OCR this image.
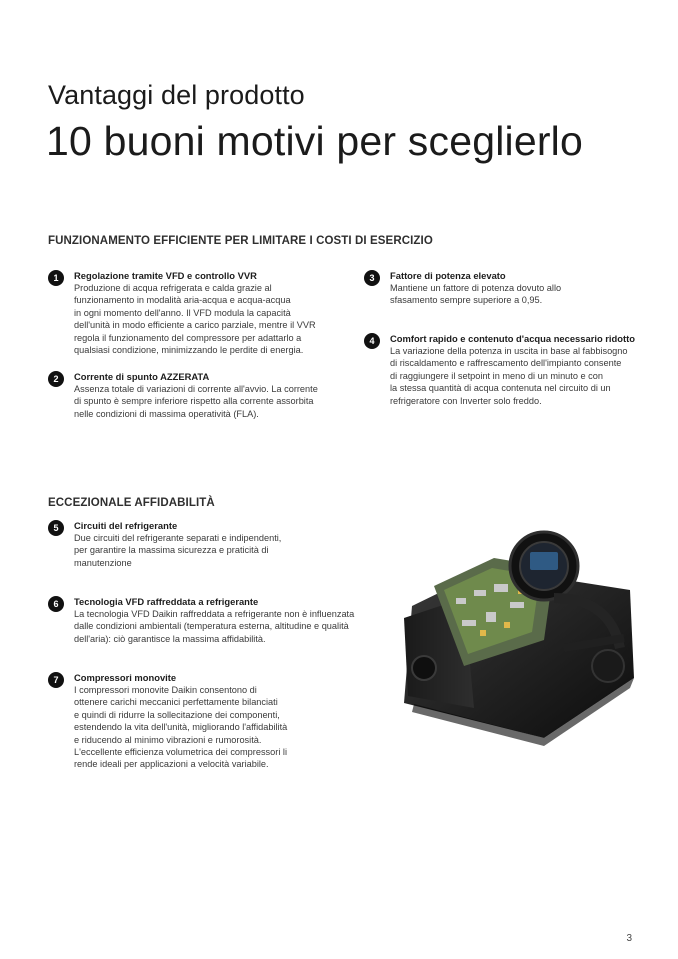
Vantaggi del prodotto
10 buoni motivi per sceglierlo
FUNZIONAMENTO EFFICIENTE PER LIMITARE I COSTI DI ESERCIZIO
1	Regolazione tramite VFD e controllo VVR

Produzione di acqua refrigerata e calda grazie al
funzionamento in modalità aria-acqua e acqua-acqua
in ogni momento dell'anno. Il VFD modula la capacità
dell'unità in modo efficiente a carico parziale, mentre il VVR
regola il funzionamento del compressore per adattarlo a
qualsiasi condizione, minimizzando le perdite di energia.

2	Corrente di spunto AZZERATA

Assenza totale di variazioni di corrente all'avvio. La corrente
di spunto è sempre inferiore rispetto alla corrente assorbita
nelle condizioni di massima operatività (FLA).

3	Fattore di potenza elevato

Mantiene un fattore di potenza dovuto allo
sfasamento sempre superiore a 0,95.

4	Comfort rapido e contenuto d'acqua necessario ridotto

La variazione della potenza in uscita in base al fabbisogno
di riscaldamento e raffrescamento dell'impianto consente
di raggiungere il setpoint in meno di un minuto e con
la stessa quantità di acqua contenuta nel circuito di un
refrigeratore con Inverter solo freddo.

ECCEZIONALE AFFIDABILITÀ
5	Circuiti del refrigerante

Due circuiti del refrigerante separati e indipendenti,
per garantire la massima sicurezza e praticità di
manutenzione

6	Tecnologia VFD raffreddata a refrigerante

La tecnologia VFD Daikin raffreddata a refrigerante non è influenzata
dalle condizioni ambientali (temperatura esterna, altitudine e qualità
dell'aria): ciò garantisce la massima affidabilità.

7	Compressori monovite

I compressori monovite Daikin consentono di
ottenere carichi meccanici perfettamente bilanciati
e quindi di ridurre la sollecitazione dei componenti,
estendendo la vita dell'unità, migliorando l'affidabilità
e riducendo al minimo vibrazioni e rumorosità.
L'eccellente efficienza volumetrica dei compressori li
rende ideali per applicazioni a velocità variabile.

3
